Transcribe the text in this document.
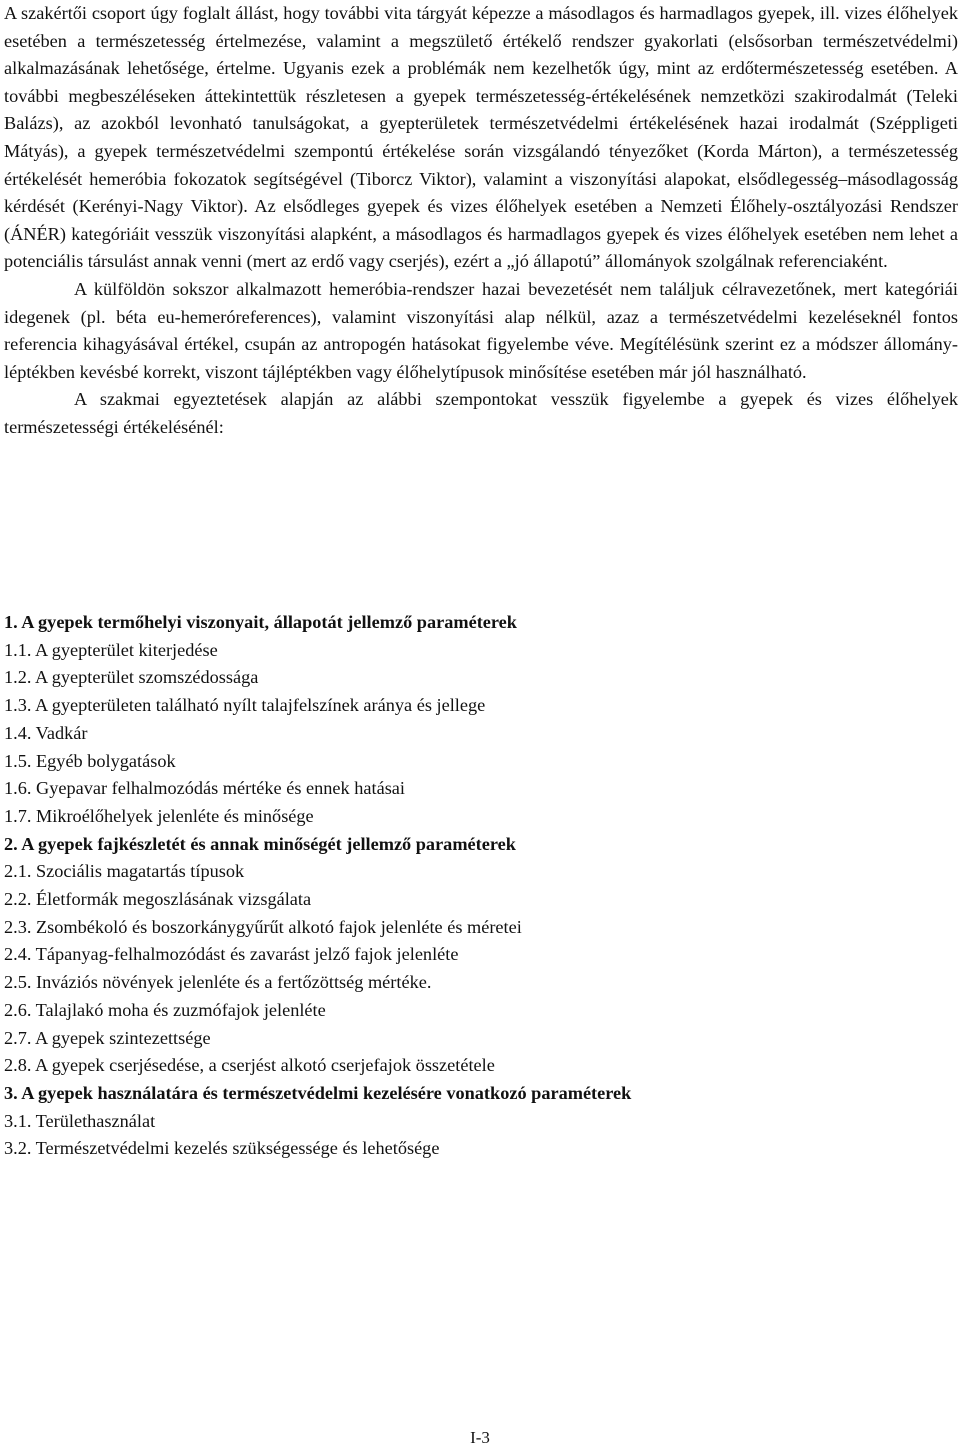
A szakértői csoport úgy foglalt állást, hogy további vita tárgyát képezze a másodlagos és harmadlagos gyepek, ill. vizes élőhelyek esetében a természetesség értelmezése, valamint a megszülető értékelő rendszer gyakorlati (elsősorban természetvédelmi) alkalmazásának lehetősége, értelme. Ugyanis ezek a problémák nem kezelhetők úgy, mint az erdőtermészetesség esetében. A további megbeszéléseken áttekintettük részletesen a gyepek természetesség-értékelésének nemzetközi szakirodalmát (Teleki Balázs), az azokból levonható tanulságokat, a gyepterületek természetvédelmi értékelésének hazai irodalmát (Széppligeti Mátyás), a gyepek természetvédelmi szempontú értékelése során vizsgálandó tényezőket (Korda Márton), a természetesség értékelését hemeróbia fokozatok segítségével (Tiborcz Viktor), valamint a viszonyítási alapokat, elsődlegesség–másodlagosság kérdését (Kerényi-Nagy Viktor). Az elsődleges gyepek és vizes élőhelyek esetében a Nemzeti Élőhely-osztályozási Rendszer (ÁNÉR) kategóriáit vesszük viszonyítási alapként, a másodlagos és harmadlagos gyepek és vizes élőhelyek esetében nem lehet a potenciális társulást annak venni (mert az erdő vagy cserjés), ezért a „jó állapotú” állományok szolgálnak referenciaként.

A külföldön sokszor alkalmazott hemeróbia-rendszer hazai bevezetését nem találjuk célravezetőnek, mert kategóriái idegenek (pl. béta eu-hemeróreferences), valamint viszonyítási alap nélkül, azaz a természetvédelmi kezeléseknél fontos referencia kihagyásával értékel, csupán az antropogén hatásokat figyelembe véve. Megítélésünk szerint ez a módszer állomány-léptékben kevésbé korrekt, viszont tájléptékben vagy élőhelytípusok minősítése esetében már jól használható.

A szakmai egyeztetések alapján az alábbi szempontokat vesszük figyelembe a gyepek és vizes élőhelyek természetességi értékelésénél:

1. A gyepek termőhelyi viszonyait, állapotát jellemző paraméterek
1.1. A gyepterület kiterjedése
1.2. A gyepterület szomszédossága
1.3. A gyepterületen található nyílt talajfelszínek aránya és jellege
1.4. Vadkár
1.5. Egyéb bolygatások
1.6. Gyepavar felhalmozódás mértéke és ennek hatásai
1.7. Mikroélőhelyek jelenléte és minősége
2. A gyepek fajkészletét és annak minőségét jellemző paraméterek
2.1. Szociális magatartás típusok
2.2. Életformák megoszlásának vizsgálata
2.3. Zsombékoló és boszorkánygyűrűt alkotó fajok jelenléte és méretei
2.4. Tápanyag-felhalmozódást és zavarást jelző fajok jelenléte
2.5. Inváziós növények jelenléte és a fertőzöttség mértéke.
2.6. Talajlakó moha és zuzmófajok jelenléte
2.7. A gyepek szintezettsége
2.8. A gyepek cserjésedése, a cserjést alkotó cserjefajok összetétele
3. A gyepek használatára és természetvédelmi kezelésére vonatkozó paraméterek
3.1. Területhasználat
3.2. Természetvédelmi kezelés szükségessége és lehetősége
I-3
